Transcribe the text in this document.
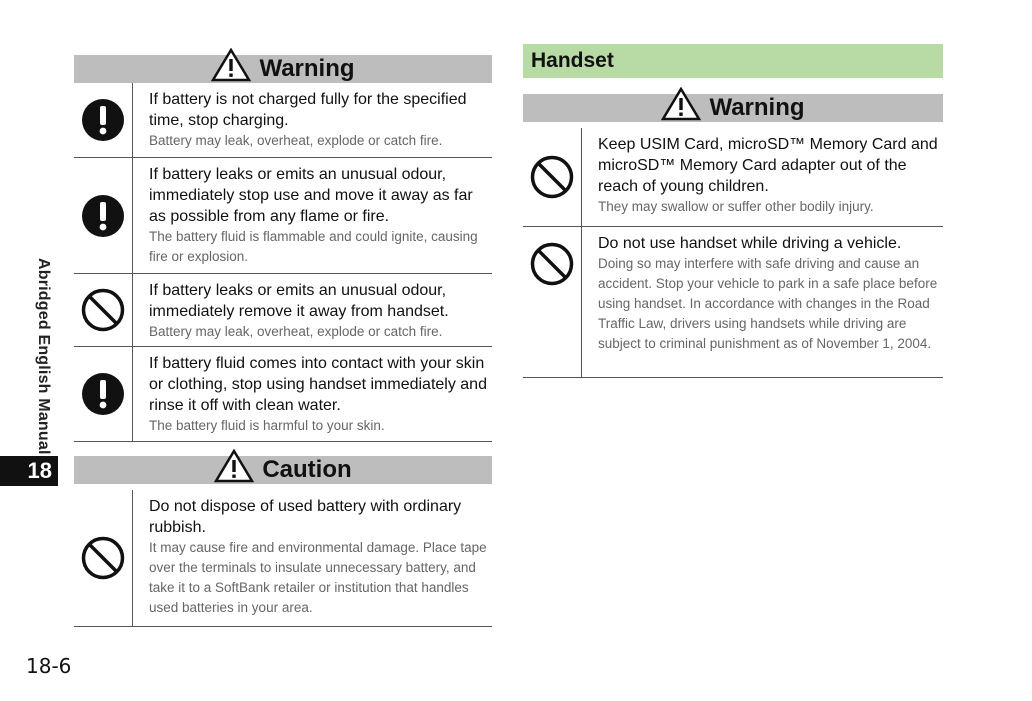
Abridged English Manual
18
Warning
If battery is not charged fully for the specified time, stop charging.
Battery may leak, overheat, explode or catch fire.
If battery leaks or emits an unusual odour, immediately stop use and move it away as far as possible from any flame or fire.
The battery fluid is flammable and could ignite, causing fire or explosion.
If battery leaks or emits an unusual odour, immediately remove it away from handset.
Battery may leak, overheat, explode or catch fire.
If battery fluid comes into contact with your skin or clothing, stop using handset immediately and rinse it off with clean water.
The battery fluid is harmful to your skin.
Caution
Do not dispose of used battery with ordinary rubbish.
It may cause fire and environmental damage. Place tape over the terminals to insulate unnecessary battery, and take it to a SoftBank retailer or institution that handles used batteries in your area.
Handset
Warning
Keep USIM Card, microSD™ Memory Card and microSD™ Memory Card adapter out of the reach of young children.
They may swallow or suffer other bodily injury.
Do not use handset while driving a vehicle.
Doing so may interfere with safe driving and cause an accident. Stop your vehicle to park in a safe place before using handset. In accordance with changes in the Road Traffic Law, drivers using handsets while driving are subject to criminal punishment as of November 1, 2004.
18-6
